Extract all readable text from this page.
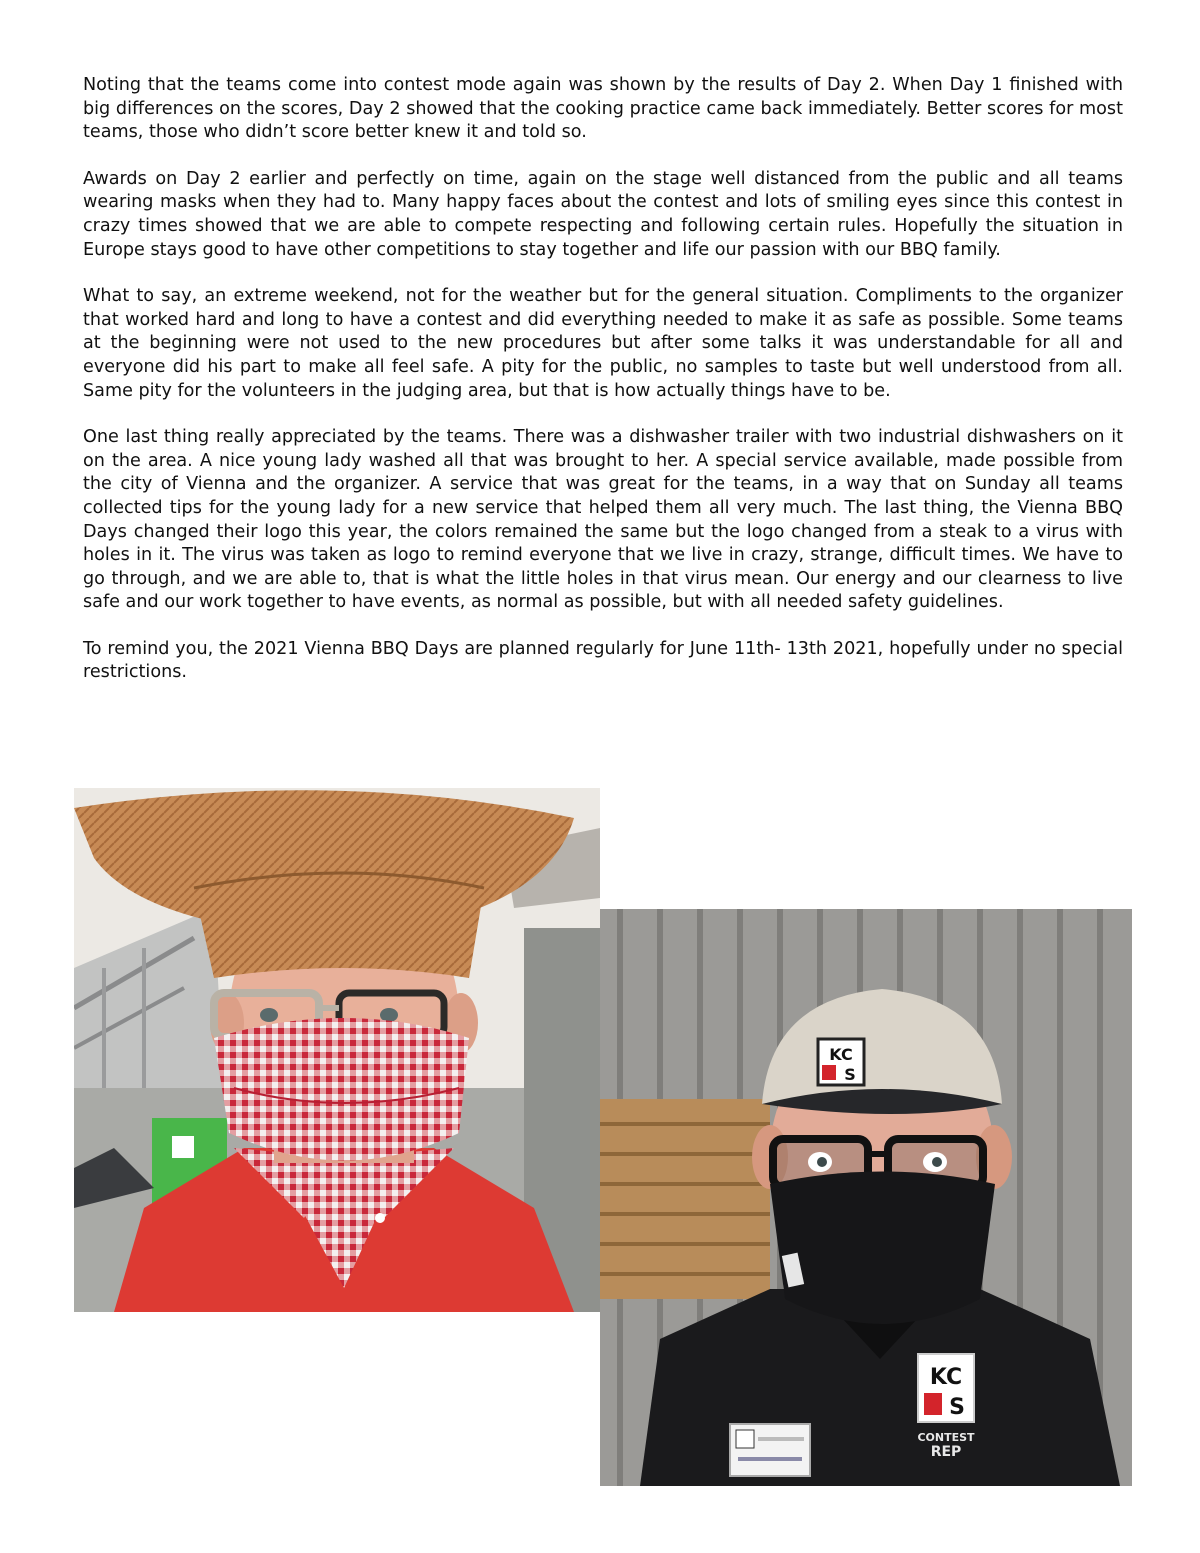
Noting that the teams come into contest mode again was shown by the results of Day 2. When Day 1 finished with big differences on the scores, Day 2 showed that the cooking practice came back immediately. Better scores for most teams, those who didn’t score better knew it and told so.

Awards on Day 2 earlier and perfectly on time, again on the stage well distanced from the public and all teams wearing masks when they had to. Many happy faces about the contest and lots of smiling eyes since this contest in crazy times showed that we are able to compete respecting and following certain rules. Hopefully the situation in Europe stays good to have other competitions to stay together and life our passion with our BBQ family.

What to say, an extreme weekend, not for the weather but for the general situation. Compliments to the organizer that worked hard and long to have a contest and did everything needed to make it as safe as possible. Some teams at the beginning were not used to the new procedures but after some talks it was understandable for all and everyone did his part to make all feel safe. A pity for the public, no samples to taste but well understood from all. Same pity for the volunteers in the judging area, but that is how actually things have to be.

One last thing really appreciated by the teams. There was a dishwasher trailer with two industrial dishwashers on it on the area. A nice young lady washed all that was brought to her. A special service available, made possible from the city of Vienna and the organizer. A service that was great for the teams, in a way that on Sunday all teams collected tips for the young lady for a new service that helped them all very much. The last thing, the Vienna BBQ Days changed their logo this year, the colors remained the same but the logo changed from a steak to a virus with holes in it. The virus was taken as logo to remind everyone that we live in crazy, strange, difficult times. We have to go through, and we are able to, that is what the little holes in that virus mean. Our energy and our clearness to live safe and our work together to have events, as normal as possible, but with all needed safety guidelines.

To remind you, the 2021 Vienna BBQ Days are planned regularly for June 11th- 13th 2021, hopefully under no special restrictions.

KC
S
KC
S
CONTEST
REP
